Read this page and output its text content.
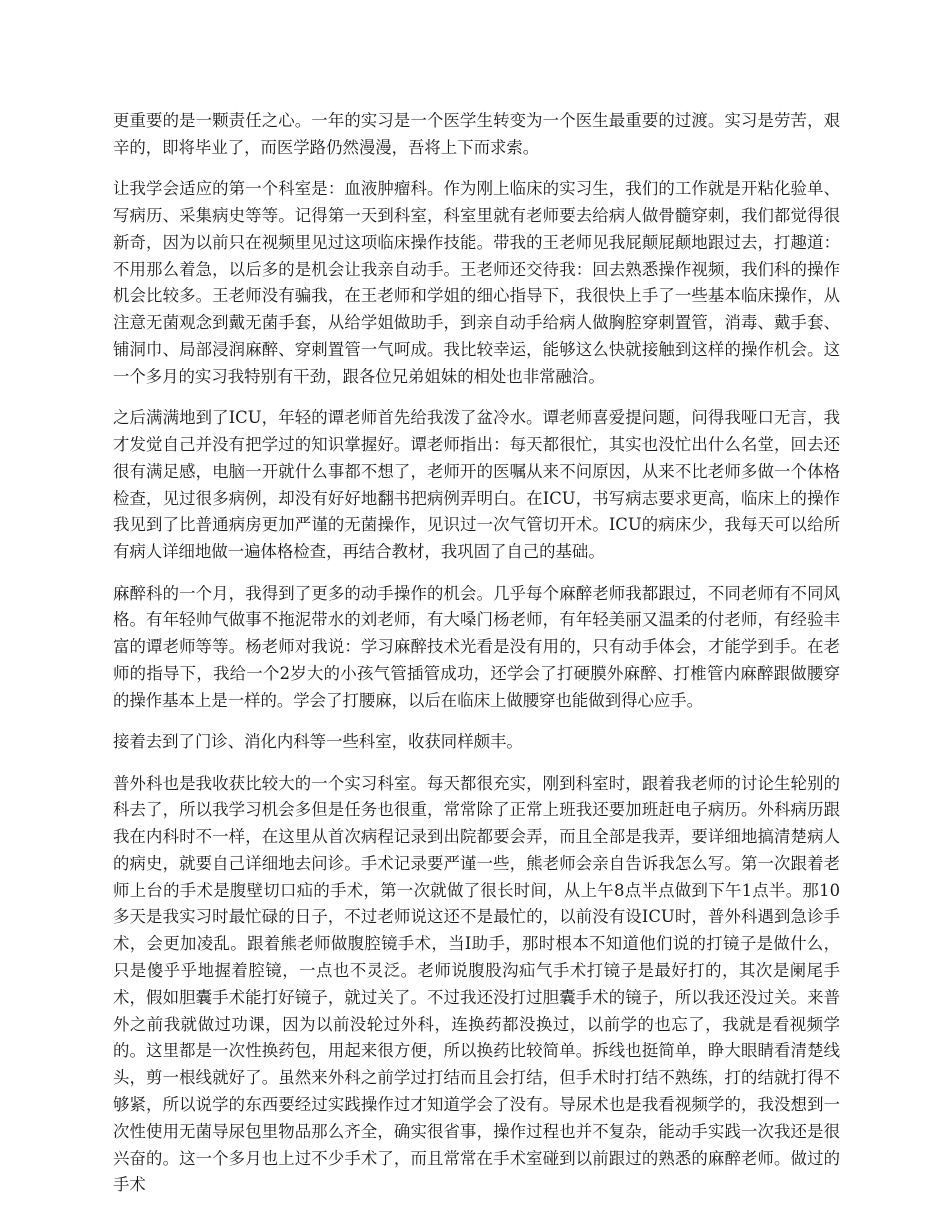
更重要的是一颗责任之心。一年的实习是一个医学生转变为一个医生最重要的过渡。实习是劳苦，艰辛的，即将毕业了，而医学路仍然漫漫，吾将上下而求索。

让我学会适应的第一个科室是：血液肿瘤科。作为刚上临床的实习生，我们的工作就是开粘化验单、写病历、采集病史等等。记得第一天到科室，科室里就有老师要去给病人做骨髓穿刺，我们都觉得很新奇，因为以前只在视频里见过这项临床操作技能。带我的王老师见我屁颠屁颠地跟过去，打趣道：不用那么着急，以后多的是机会让我亲自动手。王老师还交待我：回去熟悉操作视频，我们科的操作机会比较多。王老师没有骗我，在王老师和学姐的细心指导下，我很快上手了一些基本临床操作，从注意无菌观念到戴无菌手套，从给学姐做助手，到亲自动手给病人做胸腔穿刺置管，消毒、戴手套、铺洞巾、局部浸润麻醉、穿刺置管一气呵成。我比较幸运，能够这么快就接触到这样的操作机会。这一个多月的实习我特别有干劲，跟各位兄弟姐妹的相处也非常融洽。

之后满满地到了ICU，年轻的谭老师首先给我泼了盆冷水。谭老师喜爱提问题，问得我哑口无言，我才发觉自己并没有把学过的知识掌握好。谭老师指出：每天都很忙，其实也没忙出什么名堂，回去还很有满足感，电脑一开就什么事都不想了，老师开的医嘱从来不问原因，从来不比老师多做一个体格检查，见过很多病例，却没有好好地翻书把病例弄明白。在ICU，书写病志要求更高，临床上的操作我见到了比普通病房更加严谨的无菌操作，见识过一次气管切开术。ICU的病床少，我每天可以给所有病人详细地做一遍体格检查，再结合教材，我巩固了自己的基础。

麻醉科的一个月，我得到了更多的动手操作的机会。几乎每个麻醉老师我都跟过，不同老师有不同风格。有年轻帅气做事不拖泥带水的刘老师，有大嗓门杨老师，有年轻美丽又温柔的付老师，有经验丰富的谭老师等等。杨老师对我说：学习麻醉技术光看是没有用的，只有动手体会，才能学到手。在老师的指导下，我给一个2岁大的小孩气管插管成功，还学会了打硬膜外麻醉、打椎管内麻醉跟做腰穿的操作基本上是一样的。学会了打腰麻，以后在临床上做腰穿也能做到得心应手。

接着去到了门诊、消化内科等一些科室，收获同样颇丰。

普外科也是我收获比较大的一个实习科室。每天都很充实，刚到科室时，跟着我老师的讨论生轮别的科去了，所以我学习机会多但是任务也很重，常常除了正常上班我还要加班赶电子病历。外科病历跟我在内科时不一样，在这里从首次病程记录到出院都要会弄，而且全部是我弄，要详细地搞清楚病人的病史，就要自己详细地去问诊。手术记录要严谨一些，熊老师会亲自告诉我怎么写。第一次跟着老师上台的手术是腹壁切口疝的手术，第一次就做了很长时间，从上午8点半点做到下午1点半。那10多天是我实习时最忙碌的日子，不过老师说这还不是最忙的，以前没有设ICU时，普外科遇到急诊手术，会更加凌乱。跟着熊老师做腹腔镜手术，当I助手，那时根本不知道他们说的打镜子是做什么，只是傻乎乎地握着腔镜，一点也不灵泛。老师说腹股沟疝气手术打镜子是最好打的，其次是阑尾手术，假如胆囊手术能打好镜子，就过关了。不过我还没打过胆囊手术的镜子，所以我还没过关。来普外之前我就做过功课，因为以前没轮过外科，连换药都没换过，以前学的也忘了，我就是看视频学的。这里都是一次性换药包，用起来很方便，所以换药比较简单。拆线也挺简单，睁大眼睛看清楚线头，剪一根线就好了。虽然来外科之前学过打结而且会打结，但手术时打结不熟练，打的结就打得不够紧，所以说学的东西要经过实践操作过才知道学会了没有。导尿术也是我看视频学的，我没想到一次性使用无菌导尿包里物品那么齐全，确实很省事，操作过程也并不复杂，能动手实践一次我还是很兴奋的。这一个多月也上过不少手术了，而且常常在手术室碰到以前跟过的熟悉的麻醉老师。做过的手术
